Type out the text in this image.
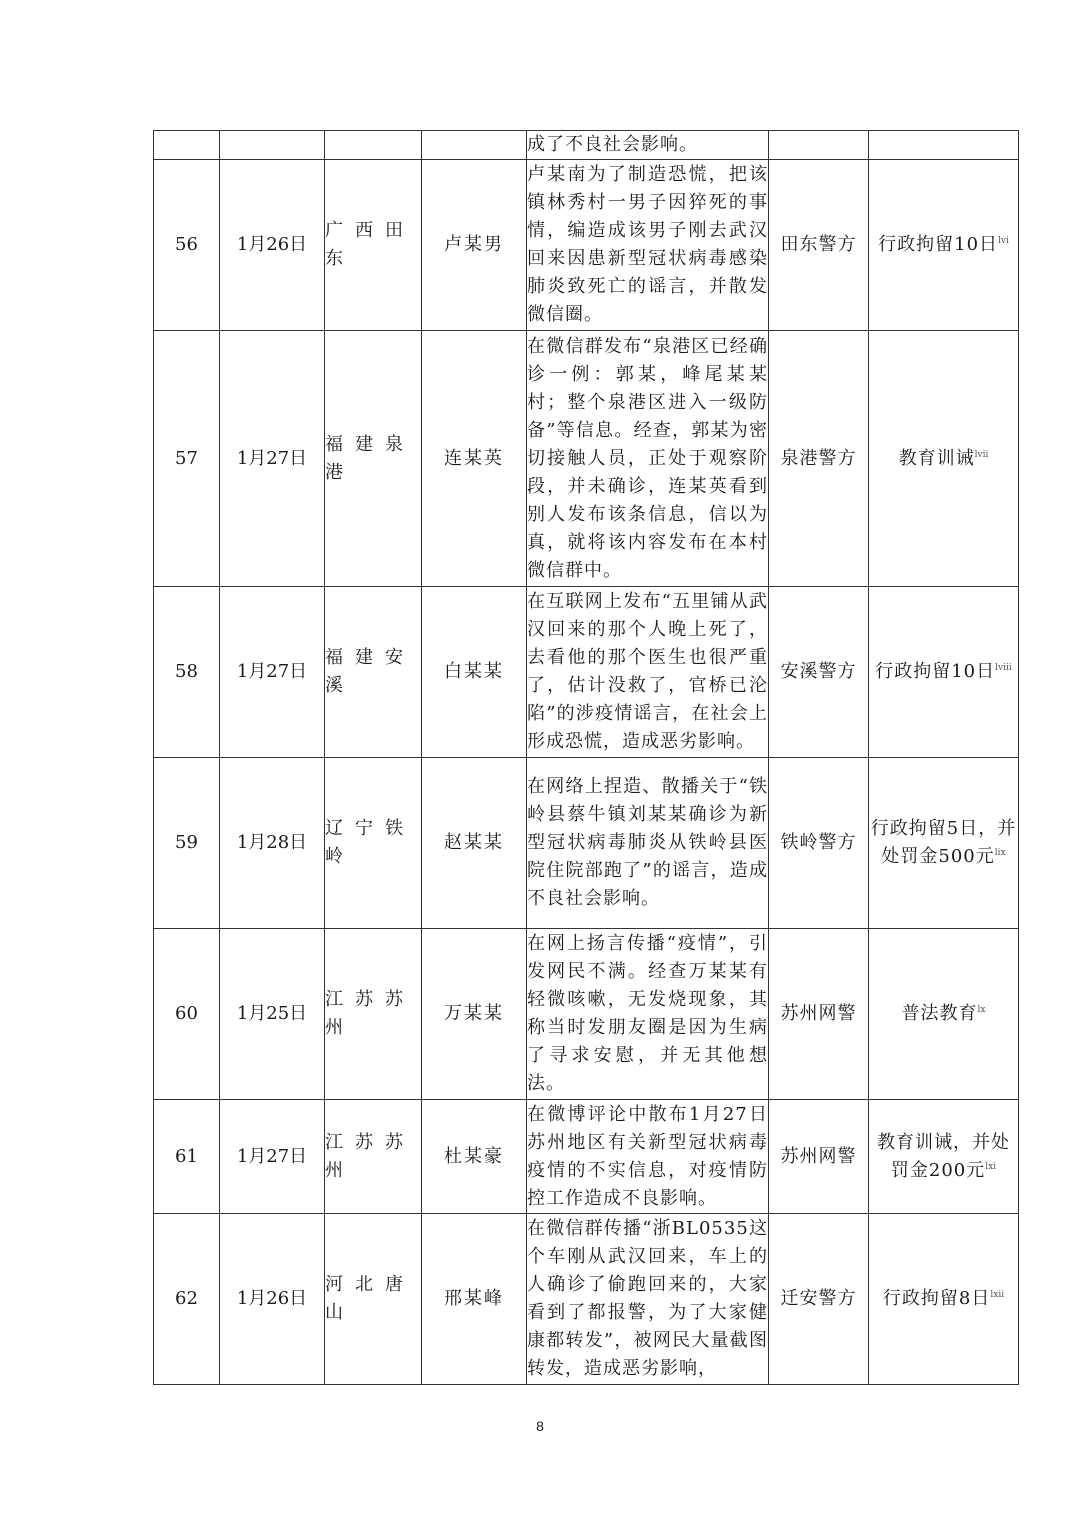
				成了不良社会影响。		
56	1月26日	广西田东	卢某男	卢某南为了制造恐慌，把该镇林秀村一男子因猝死的事情，编造成该男子刚去武汉回来因患新型冠状病毒感染肺炎致死亡的谣言，并散发微信圈。	田东警方	行政拘留10日$^{lvi}$
57	1月27日	福建泉港	连某英	在微信群发布“泉港区已经确诊一例：郭某，峰尾某某村；整个泉港区进入一级防备”等信息。经查，郭某为密切接触人员，正处于观察阶段，并未确诊，连某英看到别人发布该条信息，信以为真，就将该内容发布在本村微信群中。	泉港警方	教育训诫$^{lvii}$
58	1月27日	福建安溪	白某某	在互联网上发布“五里铺从武汉回来的那个人晚上死了，去看他的那个医生也很严重了，估计没救了，官桥已沦陷”的涉疫情谣言，在社会上形成恐慌，造成恶劣影响。	安溪警方	行政拘留10日$^{lviii}$
59	1月28日	辽宁铁岭	赵某某	在网络上捏造、散播关于“铁岭县蔡牛镇刘某某确诊为新型冠状病毒肺炎从铁岭县医院住院部跑了”的谣言，造成不良社会影响。	铁岭警方	行政拘留5日，并处罚金500元$^{lix}$
60	1月25日	江苏苏州	万某某	在网上扬言传播“疫情”，引发网民不满。经查万某某有轻微咳嗽，无发烧现象，其称当时发朋友圈是因为生病了寻求安慰，并无其他想法。	苏州网警	普法教育$^{lx}$
61	1月27日	江苏苏州	杜某豪	在微博评论中散布1月27日苏州地区有关新型冠状病毒疫情的不实信息，对疫情防控工作造成不良影响。	苏州网警	教育训诫，并处罚金200元$^{lxi}$
62	1月26日	河北唐山	邢某峰	在微信群传播“浙BL0535这个车刚从武汉回来，车上的人确诊了偷跑回来的，大家看到了都报警，为了大家健康都转发”，被网民大量截图转发，造成恶劣影响，	迁安警方	行政拘留8日$^{lxii}$
8
